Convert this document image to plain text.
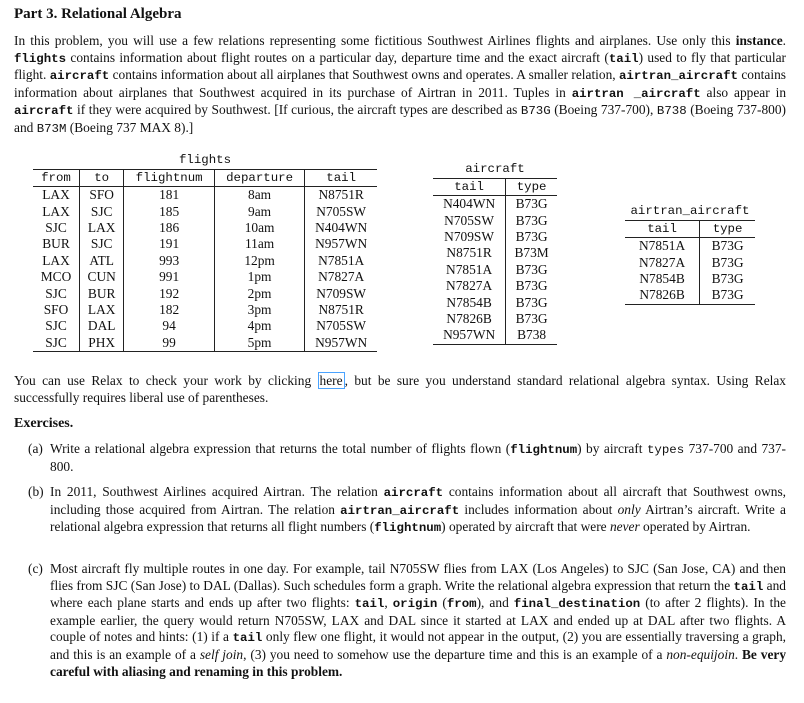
Part 3. Relational Algebra
In this problem, you will use a few relations representing some fictitious Southwest Airlines flights and airplanes. Use only this instance. flights contains information about flight routes on a particular day, departure time and the exact aircraft (tail) used to fly that particular flight. aircraft contains information about all airplanes that Southwest owns and operates. A smaller relation, airtran_aircraft contains information about airplanes that Southwest acquired in its purchase of Airtran in 2011. Tuples in airtran _aircraft also appear in aircraft if they were acquired by Southwest. [If curious, the aircraft types are described as B73G (Boeing 737-700), B738 (Boeing 737-800) and B73M (Boeing 737 MAX 8).]
flights
from	to	flightnum	departure	tail
LAX	SFO	181	8am	N8751R
LAX	SJC	185	9am	N705SW
SJC	LAX	186	10am	N404WN
BUR	SJC	191	11am	N957WN
LAX	ATL	993	12pm	N7851A
MCO	CUN	991	1pm	N7827A
SJC	BUR	192	2pm	N709SW
SFO	LAX	182	3pm	N8751R
SJC	DAL	94	4pm	N705SW
SJC	PHX	99	5pm	N957WN
aircraft
tail	type
N404WN	B73G
N705SW	B73G
N709SW	B73G
N8751R	B73M
N7851A	B73G
N7827A	B73G
N7854B	B73G
N7826B	B73G
N957WN	B738
airtran_aircraft
tail	type
N7851A	B73G
N7827A	B73G
N7854B	B73G
N7826B	B73G
You can use Relax to check your work by clicking here , but be sure you understand standard relational algebra syntax. Using Relax successfully requires liberal use of parentheses.
Exercises.
(a) Write a relational algebra expression that returns the total number of flights flown (flightnum) by aircraft types 737-700 and 737-800.
(b) In 2011, Southwest Airlines acquired Airtran. The relation aircraft contains information about all aircraft that Southwest owns, including those acquired from Airtran. The relation airtran_aircraft includes information about only Airtran’s aircraft. Write a relational algebra expression that returns all flight numbers (flightnum) operated by aircraft that were never operated by Airtran.
(c) Most aircraft fly multiple routes in one day. For example, tail N705SW flies from LAX (Los Angeles) to SJC (San Jose, CA) and then flies from SJC (San Jose) to DAL (Dallas). Such schedules form a graph. Write the relational algebra expression that return the tail and where each plane starts and ends up after two flights: tail, origin (from), and final_destination (to after 2 flights). In the example earlier, the query would return N705SW, LAX and DAL since it started at LAX and ended up at DAL after two flights. A couple of notes and hints: (1) if a tail only flew one flight, it would not appear in the output, (2) you are essentially traversing a graph, and this is an example of a self join, (3) you need to somehow use the departure time and this is an example of a non-equijoin. Be very careful with aliasing and renaming in this problem.
